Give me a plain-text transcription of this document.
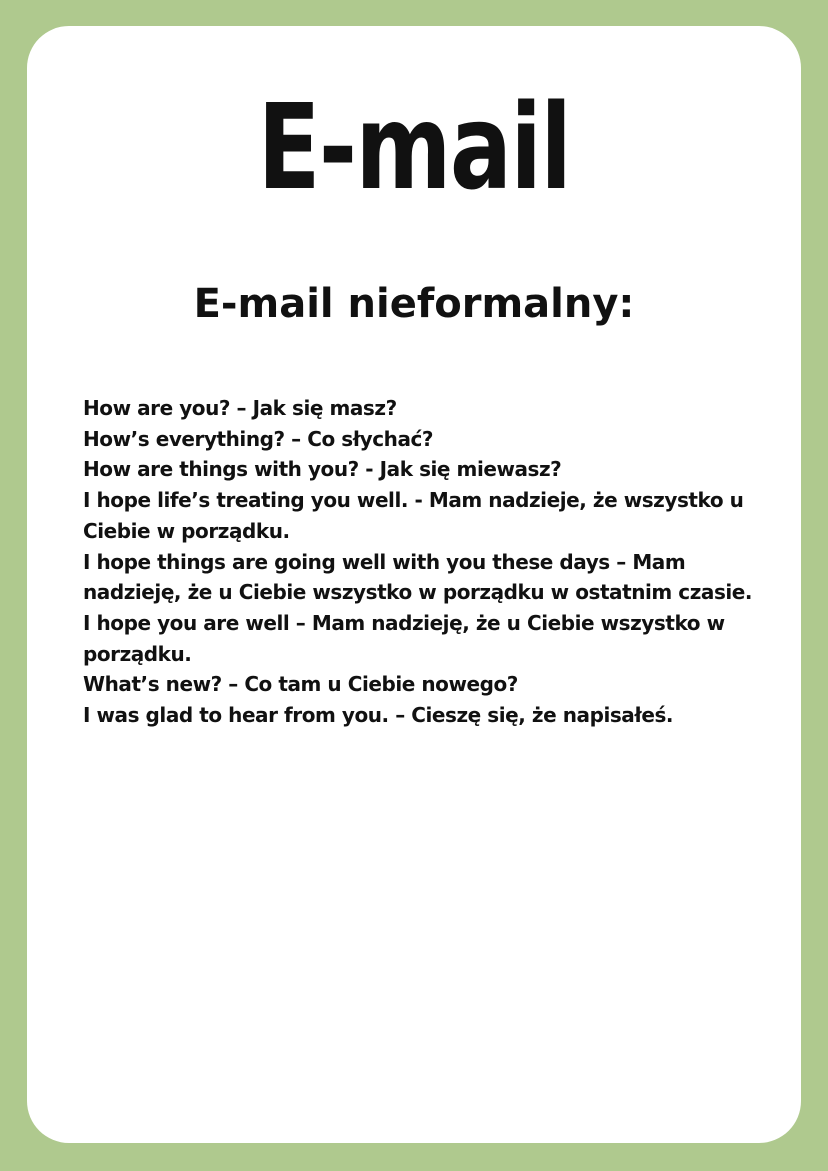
E-mail
E-mail nieformalny:
How are you? – Jak się masz?
How’s everything? – Co słychać?
How are things with you? - Jak się miewasz?
I hope life’s treating you well. - Mam nadzieje, że wszystko u Ciebie w porządku.
I hope things are going well with you these days – Mam nadzieję, że u Ciebie wszystko w porządku w ostatnim czasie.
I hope you are well – Mam nadzieję, że u Ciebie wszystko w porządku.
What’s new? – Co tam u Ciebie nowego?
I was glad to hear from you. – Cieszę się, że napisałeś.
